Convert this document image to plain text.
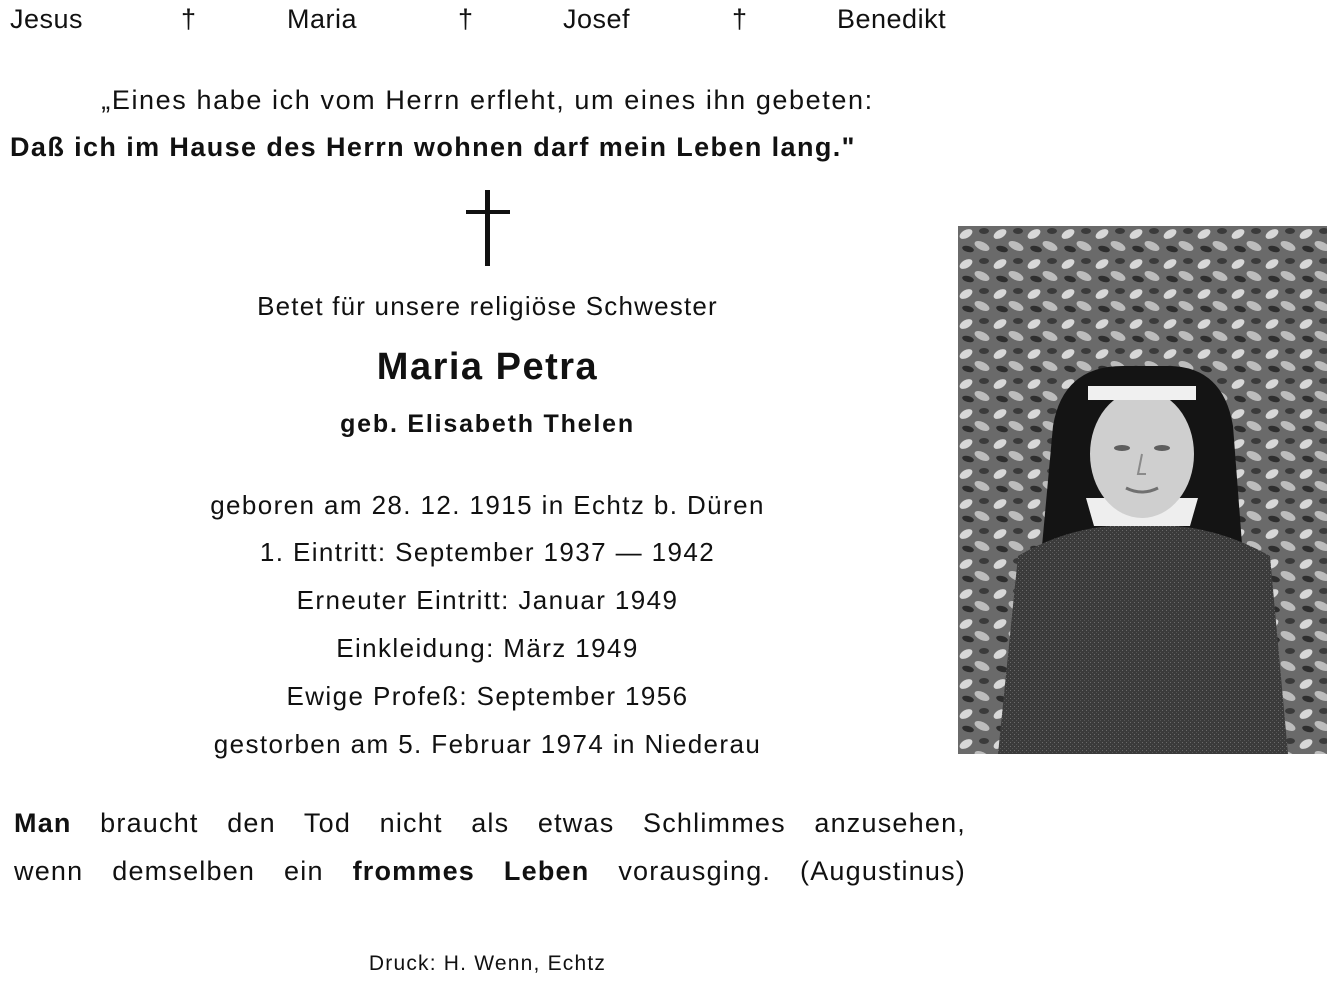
Jesus	†	Maria	†	Josef	†	Benedikt
„Eines habe ich vom Herrn erfleht, um eines ihn gebeten:
Daß ich im Hause des Herrn wohnen darf mein Leben lang."
Betet für unsere religiöse Schwester
Maria Petra
geb. Elisabeth Thelen
geboren am 28. 12. 1915 in Echtz b. Düren
1. Eintritt: September 1937 — 1942
Erneuter Eintritt: Januar 1949
Einkleidung: März 1949
Ewige Profeß: September 1956
gestorben am 5. Februar 1974 in Niederau
Man braucht den Tod nicht als etwas Schlimmes anzusehen,
wenn demselben ein frommes Leben vorausging. (Augustinus)
Druck: H. Wenn, Echtz
